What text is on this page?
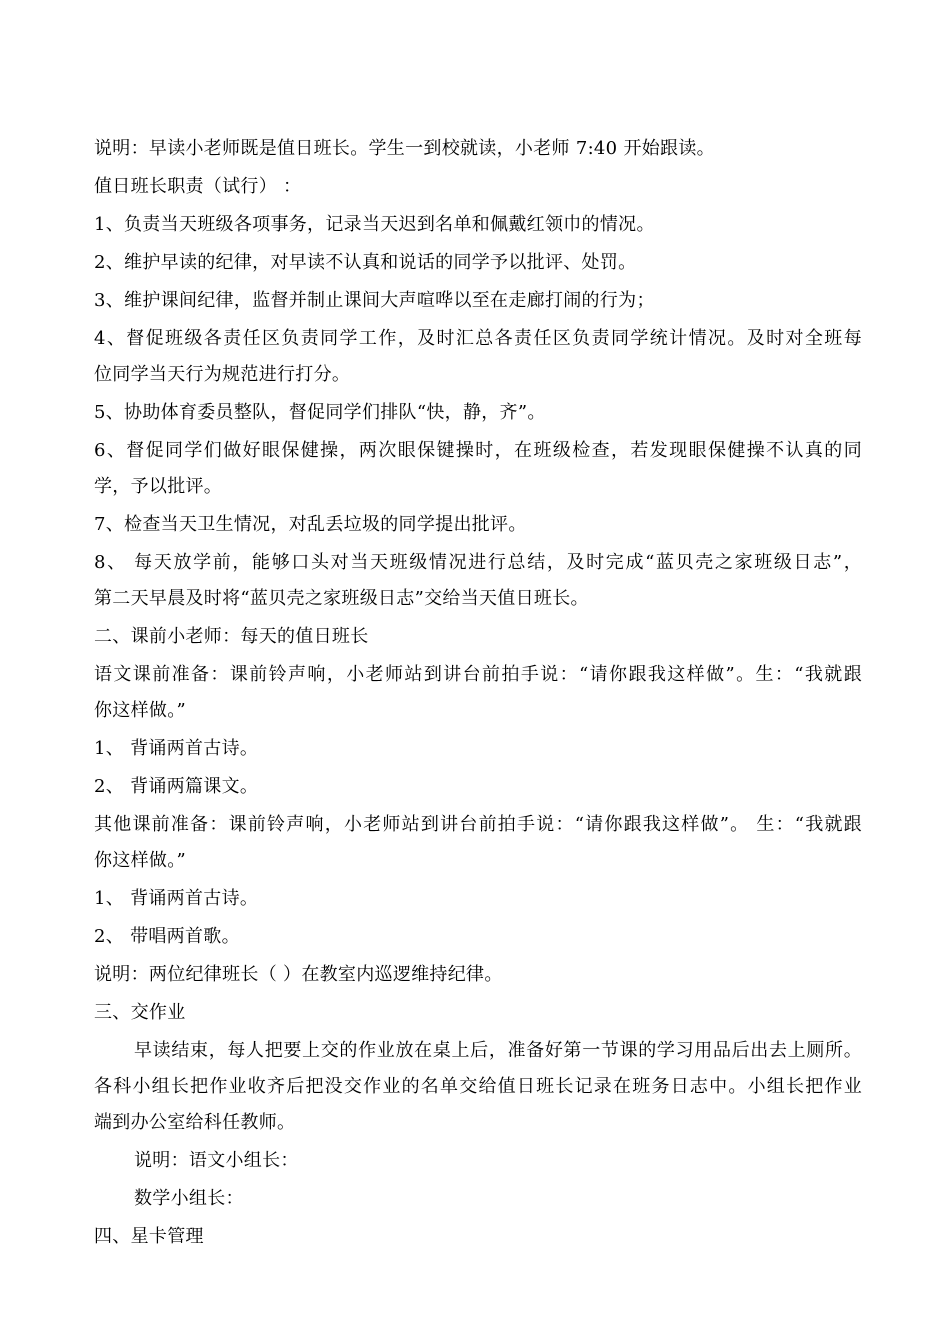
说明：早读小老师既是值日班长。学生一到校就读，小老师 7:40 开始跟读。
值日班长职责（试行） ：
1、负责当天班级各项事务，记录当天迟到名单和佩戴红领巾的情况。
2、维护早读的纪律，对早读不认真和说话的同学予以批评、处罚。
3、维护课间纪律，监督并制止课间大声喧哗以至在走廊打闹的行为；
4、督促班级各责任区负责同学工作，及时汇总各责任区负责同学统计情况。及时对全班每
位同学当天行为规范进行打分。
5、协助体育委员整队，督促同学们排队“快，静，齐”。
6、督促同学们做好眼保健操，两次眼保键操时，在班级检查，若发现眼保健操不认真的同
学，予以批评。
7、检查当天卫生情况，对乱丢垃圾的同学提出批评。
8、 每天放学前，能够口头对当天班级情况进行总结，及时完成“蓝贝壳之家班级日志”，
第二天早晨及时将“蓝贝壳之家班级日志”交给当天值日班长。
二、课前小老师：每天的值日班长
语文课前准备：课前铃声响，小老师站到讲台前拍手说：“请你跟我这样做”。生：“我就跟
你这样做。”
1、 背诵两首古诗。
2、 背诵两篇课文。
其他课前准备：课前铃声响，小老师站到讲台前拍手说：“请你跟我这样做”。 生：“我就跟
你这样做。”
1、 背诵两首古诗。
2、 带唱两首歌。
说明：两位纪律班长（ ）在教室内巡逻维持纪律。
三、交作业
早读结束，每人把要上交的作业放在桌上后，准备好第一节课的学习用品后出去上厕所。
各科小组长把作业收齐后把没交作业的名单交给值日班长记录在班务日志中。小组长把作业
端到办公室给科任教师。
说明：语文小组长：
数学小组长：
四、星卡管理
